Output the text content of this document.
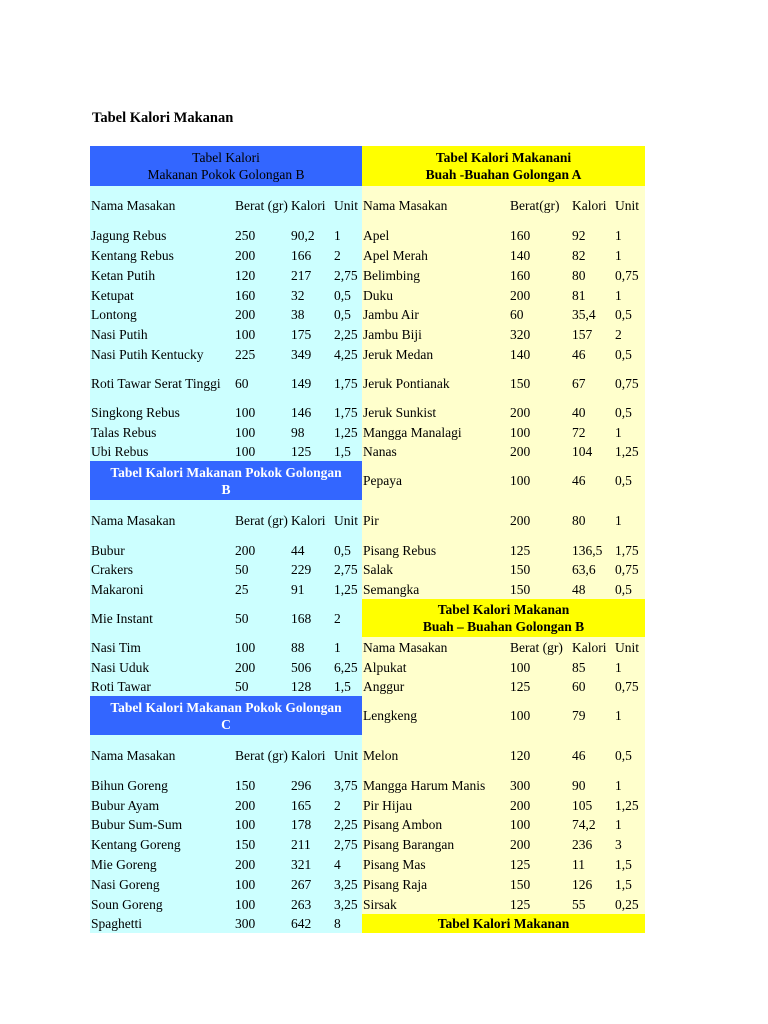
Tabel Kalori Makanan
Tabel Kalori
Makanan Pokok Golongan B
Nama Masakan	Berat (gr) Kalori Unit
Jagung Rebus	250	90,2	1
Kentang Rebus	200	166	2
Ketan Putih	120	217	2,75
Ketupat	160	32	0,5
Lontong	200	38	0,5
Nasi Putih	100	175	2,25
Nasi Putih Kentucky	225	349	4,25
Roti Tawar Serat Tinggi	60	149	1,75
Singkong Rebus	100	146	1,75
Talas Rebus	100	98	1,25
Ubi Rebus	100	125	1,5
Tabel Kalori Makanan Pokok Golongan
B
Nama Masakan	Berat (gr) Kalori Unit
Bubur	200	44	0,5
Crakers	50	229	2,75
Makaroni	25	91	1,25
Mie Instant	50	168	2
Nasi Tim	100	88	1
Nasi Uduk	200	506	6,25
Roti Tawar	50	128	1,5
Tabel Kalori Makanan Pokok Golongan
C
Nama Masakan	Berat (gr) Kalori Unit
Bihun Goreng	150	296	3,75
Bubur Ayam	200	165	2
Bubur Sum-Sum	100	178	2,25
Kentang Goreng	150	211	2,75
Mie Goreng	200	321	4
Nasi Goreng	100	267	3,25
Soun Goreng	100	263	3,25
Spaghetti	300	642	8
Tabel Kalori Makanani
Buah -Buahan Golongan A
Nama Masakan	Berat(gr) Kalori Unit
Apel	160	92	1
Apel Merah	140	82	1
Belimbing	160	80	0,75
Duku	200	81	1
Jambu Air	60	35,4	0,5
Jambu Biji	320	157	2
Jeruk Medan	140	46	0,5
Jeruk Pontianak	150	67	0,75
Jeruk Sunkist	200	40	0,5
Mangga Manalagi	100	72	1
Nanas	200	104	1,25
Pepaya	100	46	0,5
Pir	200	80	1
Pisang Rebus	125	136,5 1,75
Salak	150	63,6	0,75
Semangka	150	48	0,5
Tabel Kalori Makanan
Buah – Buahan Golongan B
Nama Masakan	Berat (gr) Kalori Unit
Alpukat	100	85	1
Anggur	125	60	0,75
Lengkeng	100	79	1
Melon	120	46	0,5
Mangga Harum Manis	300	90	1
Pir Hijau	200	105	1,25
Pisang Ambon	100	74,2	1
Pisang Barangan	200	236	3
Pisang Mas	125	11	1,5
Pisang Raja	150	126	1,5
Sirsak	125	55	0,25
Tabel Kalori Makanan
